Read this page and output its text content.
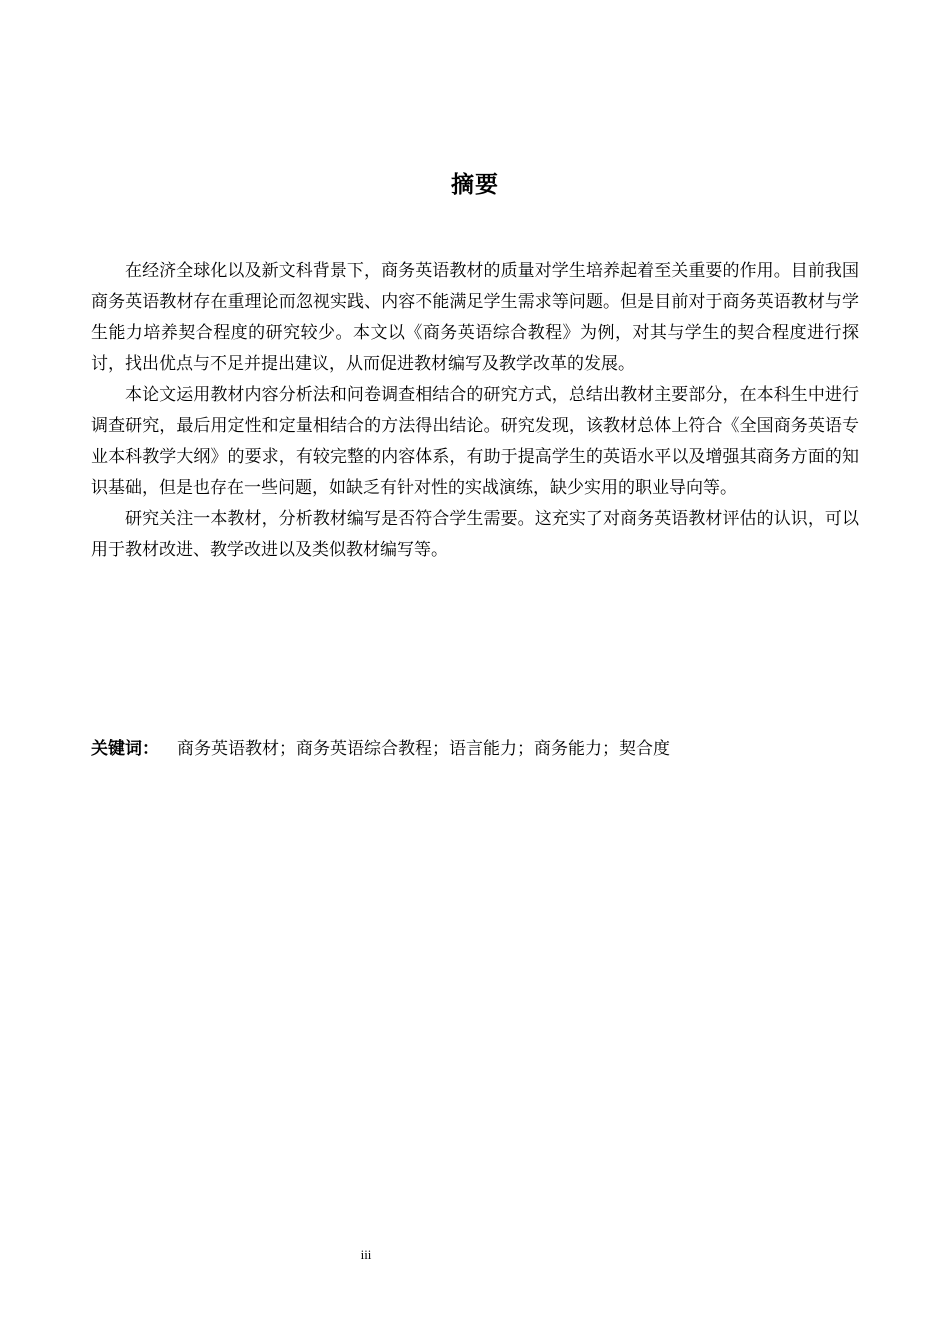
摘要

在经济全球化以及新文科背景下，商务英语教材的质量对学生培养起着至关重要的作用。目前我国商务英语教材存在重理论而忽视实践、内容不能满足学生需求等问题。但是目前对于商务英语教材与学生能力培养契合程度的研究较少。本文以《商务英语综合教程》为例，对其与学生的契合程度进行探讨，找出优点与不足并提出建议，从而促进教材编写及教学改革的发展。

本论文运用教材内容分析法和问卷调查相结合的研究方式，总结出教材主要部分，在本科生中进行调查研究，最后用定性和定量相结合的方法得出结论。研究发现，该教材总体上符合《全国商务英语专业本科教学大纲》的要求，有较完整的内容体系，有助于提高学生的英语水平以及增强其商务方面的知识基础，但是也存在一些问题，如缺乏有针对性的实战演练，缺少实用的职业导向等。

研究关注一本教材，分析教材编写是否符合学生需要。这充实了对商务英语教材评估的认识，可以用于教材改进、教学改进以及类似教材编写等。

关键词： 商务英语教材；商务英语综合教程；语言能力；商务能力；契合度
iii
